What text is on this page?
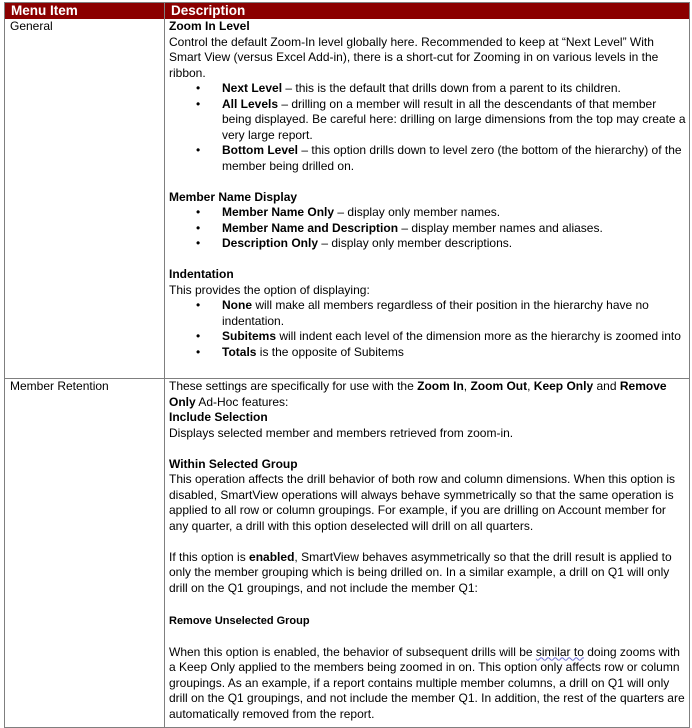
Menu Item	Description
General	Zoom In Level

Control the default Zoom-In level globally here. Recommended to keep at “Next Level” With Smart View (versus Excel Add-in), there is a short-cut for Zooming in on various levels in the ribbon.

• Next Level – this is the default that drills down from a parent to its children.
• All Levels – drilling on a member will result in all the descendants of that member being displayed. Be careful here: drilling on large dimensions from the top may create a very large report.
• Bottom Level – this option drills down to level zero (the bottom of the hierarchy) of the member being drilled on.

Member Name Display

• Member Name Only – display only member names.
• Member Name and Description – display member names and aliases.
• Description Only – display only member descriptions.

Indentation

This provides the option of displaying:

• None will make all members regardless of their position in the hierarchy have no indentation.
• Subitems will indent each level of the dimension more as the hierarchy is zoomed into
• Totals is the opposite of Subitems
Member Retention	These settings are specifically for use with the Zoom In, Zoom Out, Keep Only and Remove Only Ad-Hoc features:

Include Selection

Displays selected member and members retrieved from zoom-in.

Within Selected Group

This operation affects the drill behavior of both row and column dimensions. When this option is disabled, SmartView operations will always behave symmetrically so that the same operation is applied to all row or column groupings. For example, if you are drilling on Account member for any quarter, a drill with this option deselected will drill on all quarters.

If this option is enabled, SmartView behaves asymmetrically so that the drill result is applied to only the member grouping which is being drilled on. In a similar example, a drill on Q1 will only drill on the Q1 groupings, and not include the member Q1:

Remove Unselected Group

When this option is enabled, the behavior of subsequent drills will be similar to doing zooms with a Keep Only applied to the members being zoomed in on. This option only affects row or column groupings. As an example, if a report contains multiple member columns, a drill on Q1 will only drill on the Q1 groupings, and not include the member Q1. In addition, the rest of the quarters are automatically removed from the report.
